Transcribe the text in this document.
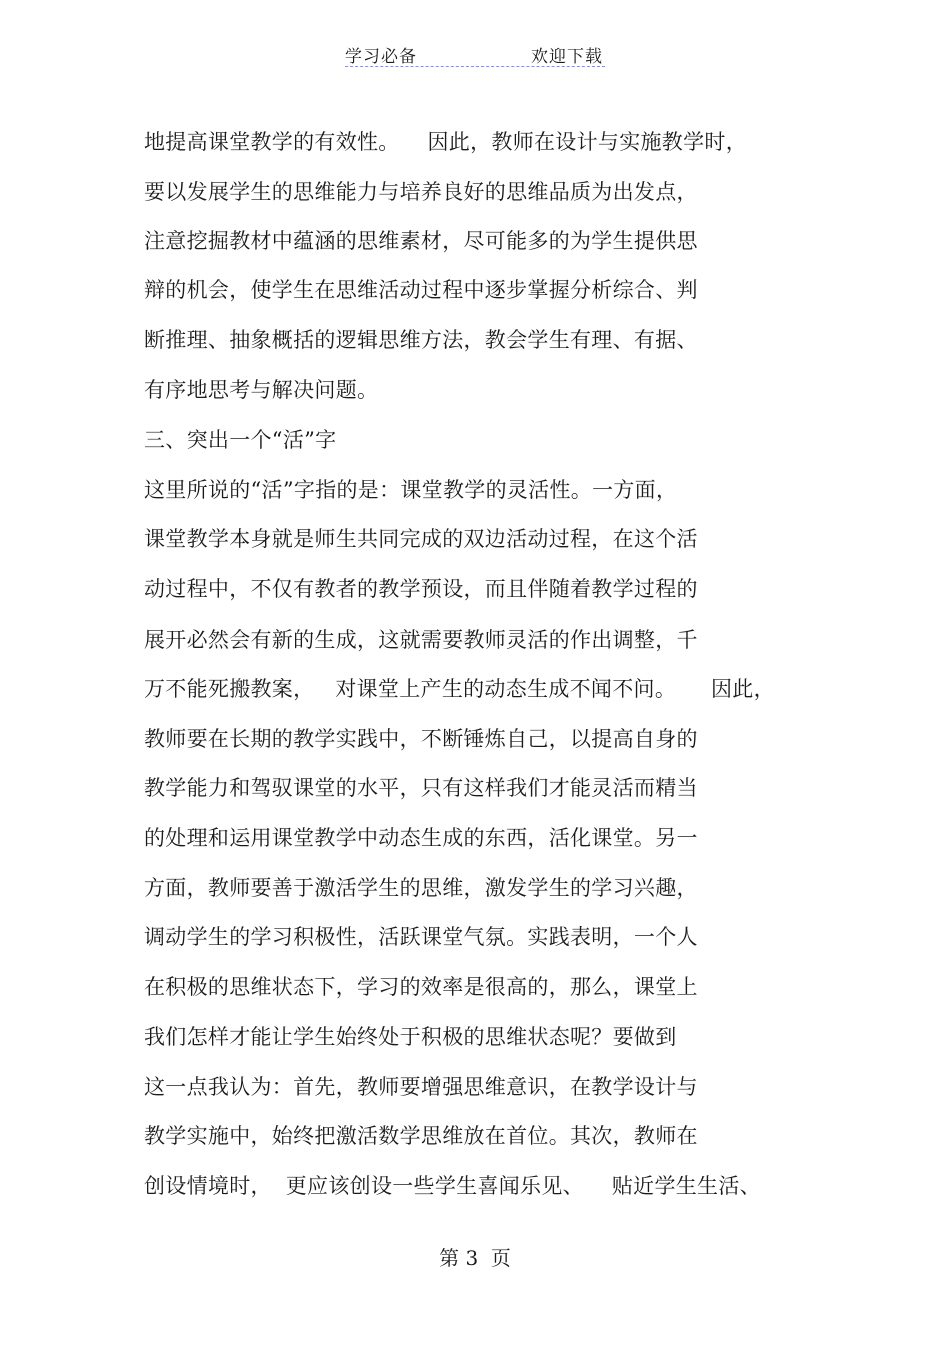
学习必备	欢迎下载
地提高课堂教学的有效性。    因此，教师在设计与实施教学时，
要以发展学生的思维能力与培养良好的思维品质为出发点，
注意挖掘教材中蕴涵的思维素材，尽可能多的为学生提供思
辩的机会，使学生在思维活动过程中逐步掌握分析综合、判
断推理、抽象概括的逻辑思维方法，教会学生有理、有据、
有序地思考与解决问题。
三、突出一个“活”字
这里所说的“活”字指的是：课堂教学的灵活性。一方面，
课堂教学本身就是师生共同完成的双边活动过程，在这个活
动过程中，不仅有教者的教学预设，而且伴随着教学过程的
展开必然会有新的生成，这就需要教师灵活的作出调整，千
万不能死搬教案，   对课堂上产生的动态生成不闻不问。     因此，
教师要在长期的教学实践中，不断锤炼自己，以提高自身的
教学能力和驾驭课堂的水平，只有这样我们才能灵活而精当
的处理和运用课堂教学中动态生成的东西，活化课堂。另一
方面，教师要善于激活学生的思维，激发学生的学习兴趣，
调动学生的学习积极性，活跃课堂气氛。实践表明，一个人
在积极的思维状态下，学习的效率是很高的，那么，课堂上
我们怎样才能让学生始终处于积极的思维状态呢？要做到
这一点我认为：首先，教师要增强思维意识，在教学设计与
教学实施中，始终把激活数学思维放在首位。其次，教师在
创设情境时，  更应该创设一些学生喜闻乐见、    贴近学生生活、
第 3  页
